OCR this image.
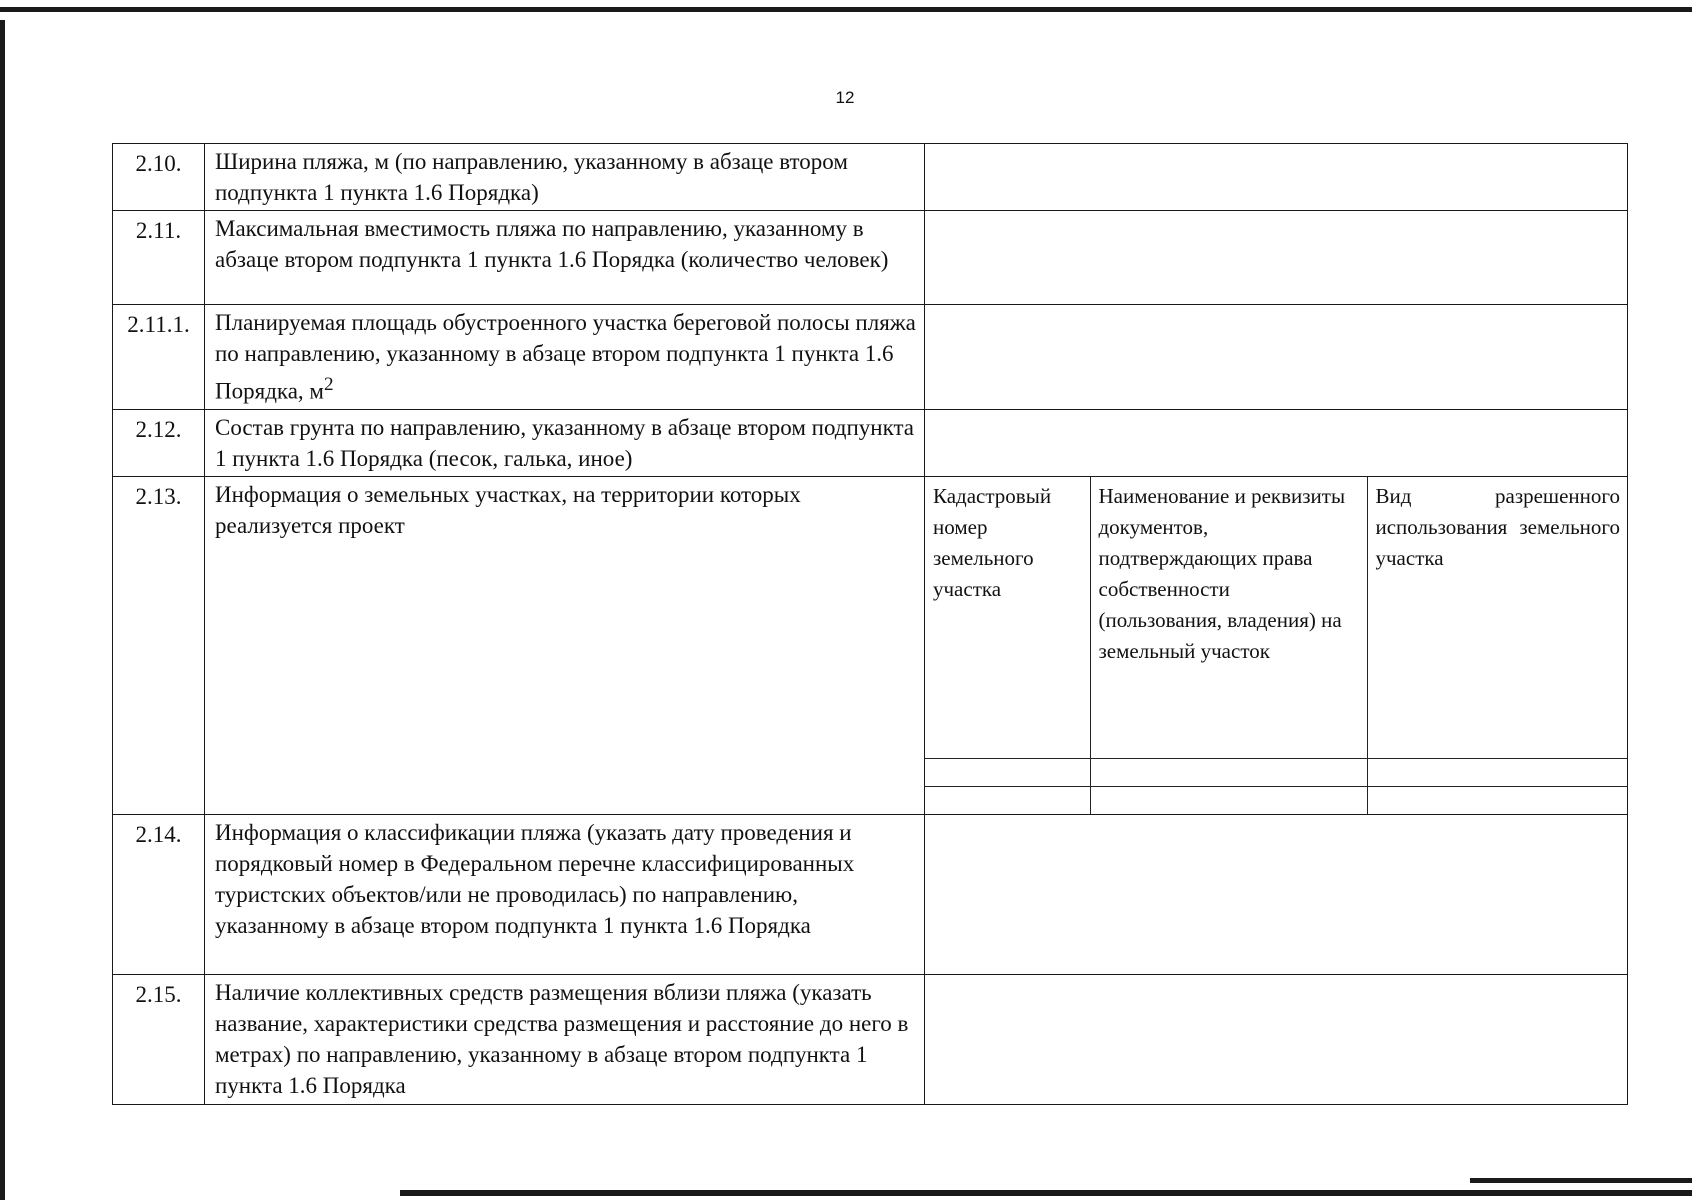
12
2.10.	Ширина пляжа, м (по направлению, указанному в абзаце втором подпункта 1 пункта 1.6 Порядка)	
2.11.	Максимальная вместимость пляжа по направлению, указанному в абзаце втором подпункта 1 пункта 1.6 Порядка (количество человек)	
2.11.1.	Планируемая площадь обустроенного участка береговой полосы пляжа по направлению, указанному в абзаце втором подпункта 1 пункта 1.6 Порядка, $м^2$	
2.12.	Состав грунта по направлению, указанному в абзаце втором подпункта 1 пункта 1.6 Порядка (песок, галька, иное)	
2.13.	Информация о земельных участках, на территории которых реализуется проект	
Кадастровый номер земельного участка	Наименование и реквизиты документов, подтверждающих права собственности (пользования, владения) на земельный участок	Вид разрешенного использования земельного участка

2.14.	Информация о классификации пляжа (указать дату проведения и порядковый номер в Федеральном перечне классифицированных туристских объектов/или не проводилась) по направлению, указанному в абзаце втором подпункта 1 пункта 1.6 Порядка	
2.15.	Наличие коллективных средств размещения вблизи пляжа (указать название, характеристики средства размещения и расстояние до него в метрах) по направлению, указанному в абзаце втором подпункта 1 пункта 1.6 Порядка	
